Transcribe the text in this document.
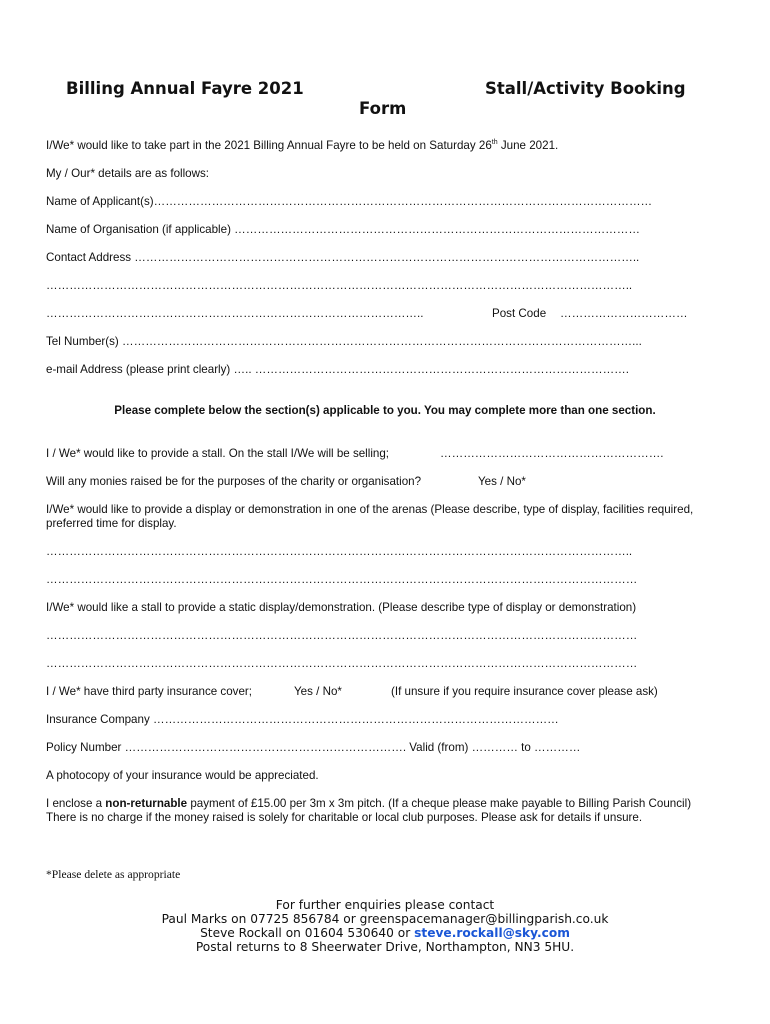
Billing Annual Fayre 2021	Stall/Activity Booking
Form
I/We* would like to take part in the 2021 Billing Annual Fayre to be held on Saturday 26th June 2021.
My / Our* details are as follows:
Name of Applicant(s)…………………………………………………………………………………………………………………
Name of Organisation (if applicable) ……………………………………………………………………………………………
Contact Address …………………………………………………………………………………………………………………..
……………………………………………………………………………………………………………………………………..
……………………………………………………………………………………..	Post Code ……………………………
Tel Number(s) ……………………………………………………………………………………………………………………...
e-mail Address (please print clearly) ….. …………………………………………………………………………………….
Please complete below the section(s) applicable to you. You may complete more than one section.
I / We* would like to provide a stall. On the stall I/We will be selling;	………………………………………………….
Will any monies raised be for the purposes of the charity or organisation?	Yes / No*
I/We* would like to provide a display or demonstration in one of the arenas (Please describe, type of display, facilities required, preferred time for display.
……………………………………………………………………………………………………………………………………..
………………………………………………………………………………………………………………………………………
I/We* would like a stall to provide a static display/demonstration. (Please describe type of display or demonstration)
………………………………………………………………………………………………………………………………………
………………………………………………………………………………………………………………………………………
I / We* have third party insurance cover;	Yes / No*	(If unsure if you require insurance cover please ask)
Insurance Company ……………………………………………………………………………………………
Policy Number ………………………………………………………………. Valid (from) ………… to …………
A photocopy of your insurance would be appreciated.
I enclose a non-returnable payment of £15.00 per 3m x 3m pitch. (If a cheque please make payable to Billing Parish Council) There is no charge if the money raised is solely for charitable or local club purposes. Please ask for details if unsure.
*Please delete as appropriate
For further enquiries please contact
Paul Marks on 07725 856784 or greenspacemanager@billingparish.co.uk
Steve Rockall on 01604 530640 or steve.rockall@sky.com
Postal returns to 8 Sheerwater Drive, Northampton, NN3 5HU.
